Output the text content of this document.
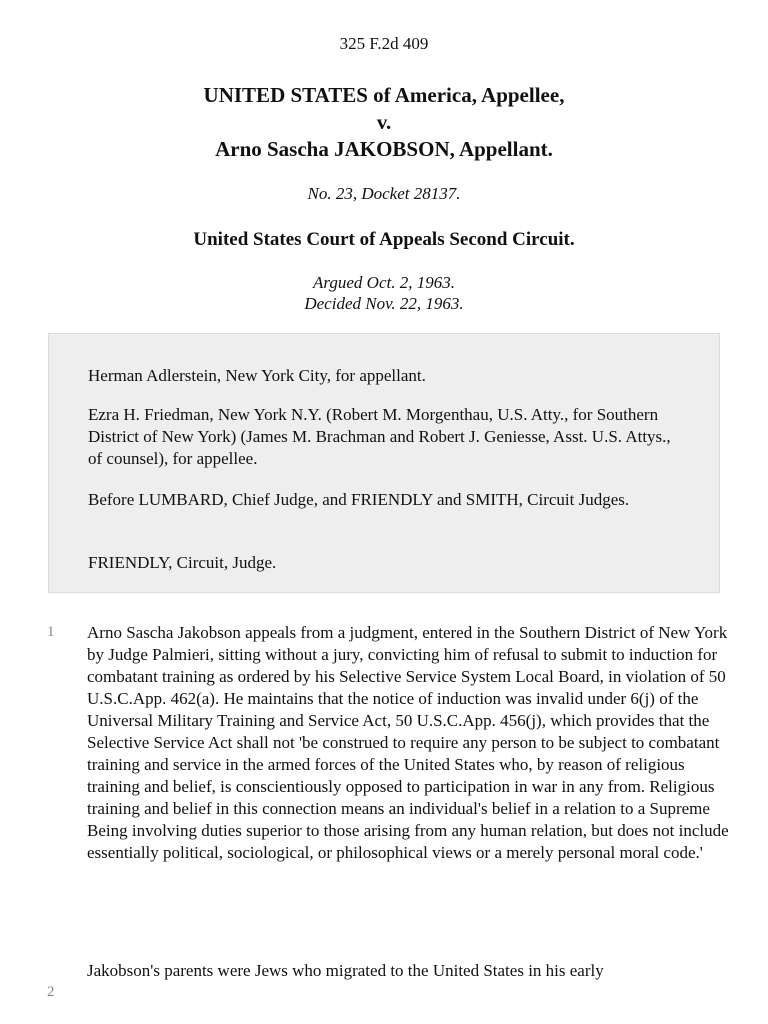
325 F.2d 409
UNITED STATES of America, Appellee,
v.
Arno Sascha JAKOBSON, Appellant.
No. 23, Docket 28137.
United States Court of Appeals Second Circuit.
Argued Oct. 2, 1963.
Decided Nov. 22, 1963.

Herman Adlerstein, New York City, for appellant.

Ezra H. Friedman, New York N.Y. (Robert M. Morgenthau, U.S. Atty., for Southern District of New York) (James M. Brachman and Robert J. Geniesse, Asst. U.S. Attys., of counsel), for appellee.

Before LUMBARD, Chief Judge, and FRIENDLY and SMITH, Circuit Judges.

FRIENDLY, Circuit, Judge.

1 Arno Sascha Jakobson appeals from a judgment, entered in the Southern District of New York by Judge Palmieri, sitting without a jury, convicting him of refusal to submit to induction for combatant training as ordered by his Selective Service System Local Board, in violation of 50 U.S.C.App. 462(a). He maintains that the notice of induction was invalid under 6(j) of the Universal Military Training and Service Act, 50 U.S.C.App. 456(j), which provides that the Selective Service Act shall not 'be construed to require any person to be subject to combatant training and service in the armed forces of the United States who, by reason of religious training and belief, is conscientiously opposed to participation in war in any from. Religious training and belief in this connection means an individual's belief in a relation to a Supreme Being involving duties superior to those arising from any human relation, but does not include essentially political, sociological, or philosophical views or a merely personal moral code.'

2

Jakobson's parents were Jews who migrated to the United States in his early
